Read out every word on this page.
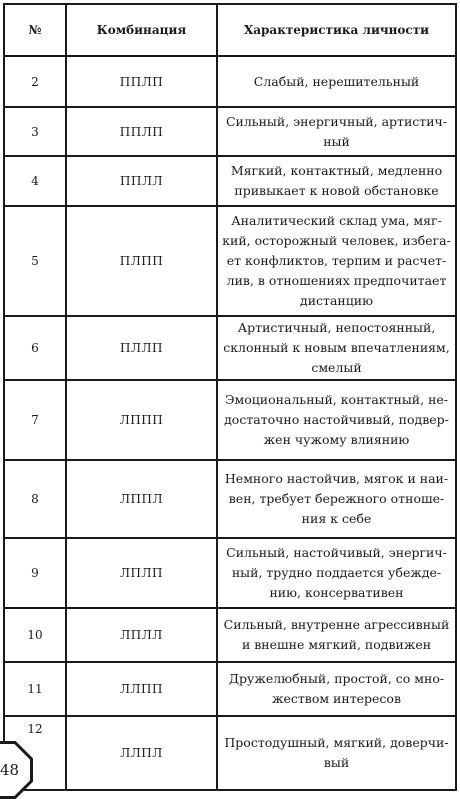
№	Комбинация	Характеристика личности
2	ППЛП	Слабый, нерешительный
3	ППЛП	Сильный, энергичный, артистич-ный
4	ППЛЛ	Мягкий, контактный, медленно привыкает к новой обстановке
5	ПЛПП	Аналитический склад ума, мяг-кий, осторожный человек, избега-ет конфликтов, терпим и расчет-лив, в отношениях предпочитает дистанцию
6	ПЛЛП	Артистичный, непостоянный, склонный к новым впечатлениям, смелый
7	ЛППП	Эмоциональный, контактный, не-достаточно настойчивый, подвер-жен чужому влиянию
8	ЛППЛ	Немного настойчив, мягок и наи-вен, требует бережного отноше-ния к себе
9	ЛПЛП	Сильный, настойчивый, энергич-ный, трудно поддается убежде-нию, консервативен
10	ЛПЛЛ	Сильный, внутренне агрессивный и внешне мягкий, подвижен
11	ЛЛПП	Дружелюбный, простой, со мно-жеством интересов
12	ЛЛПЛ	Простодушный, мягкий, доверчи-вый
48
